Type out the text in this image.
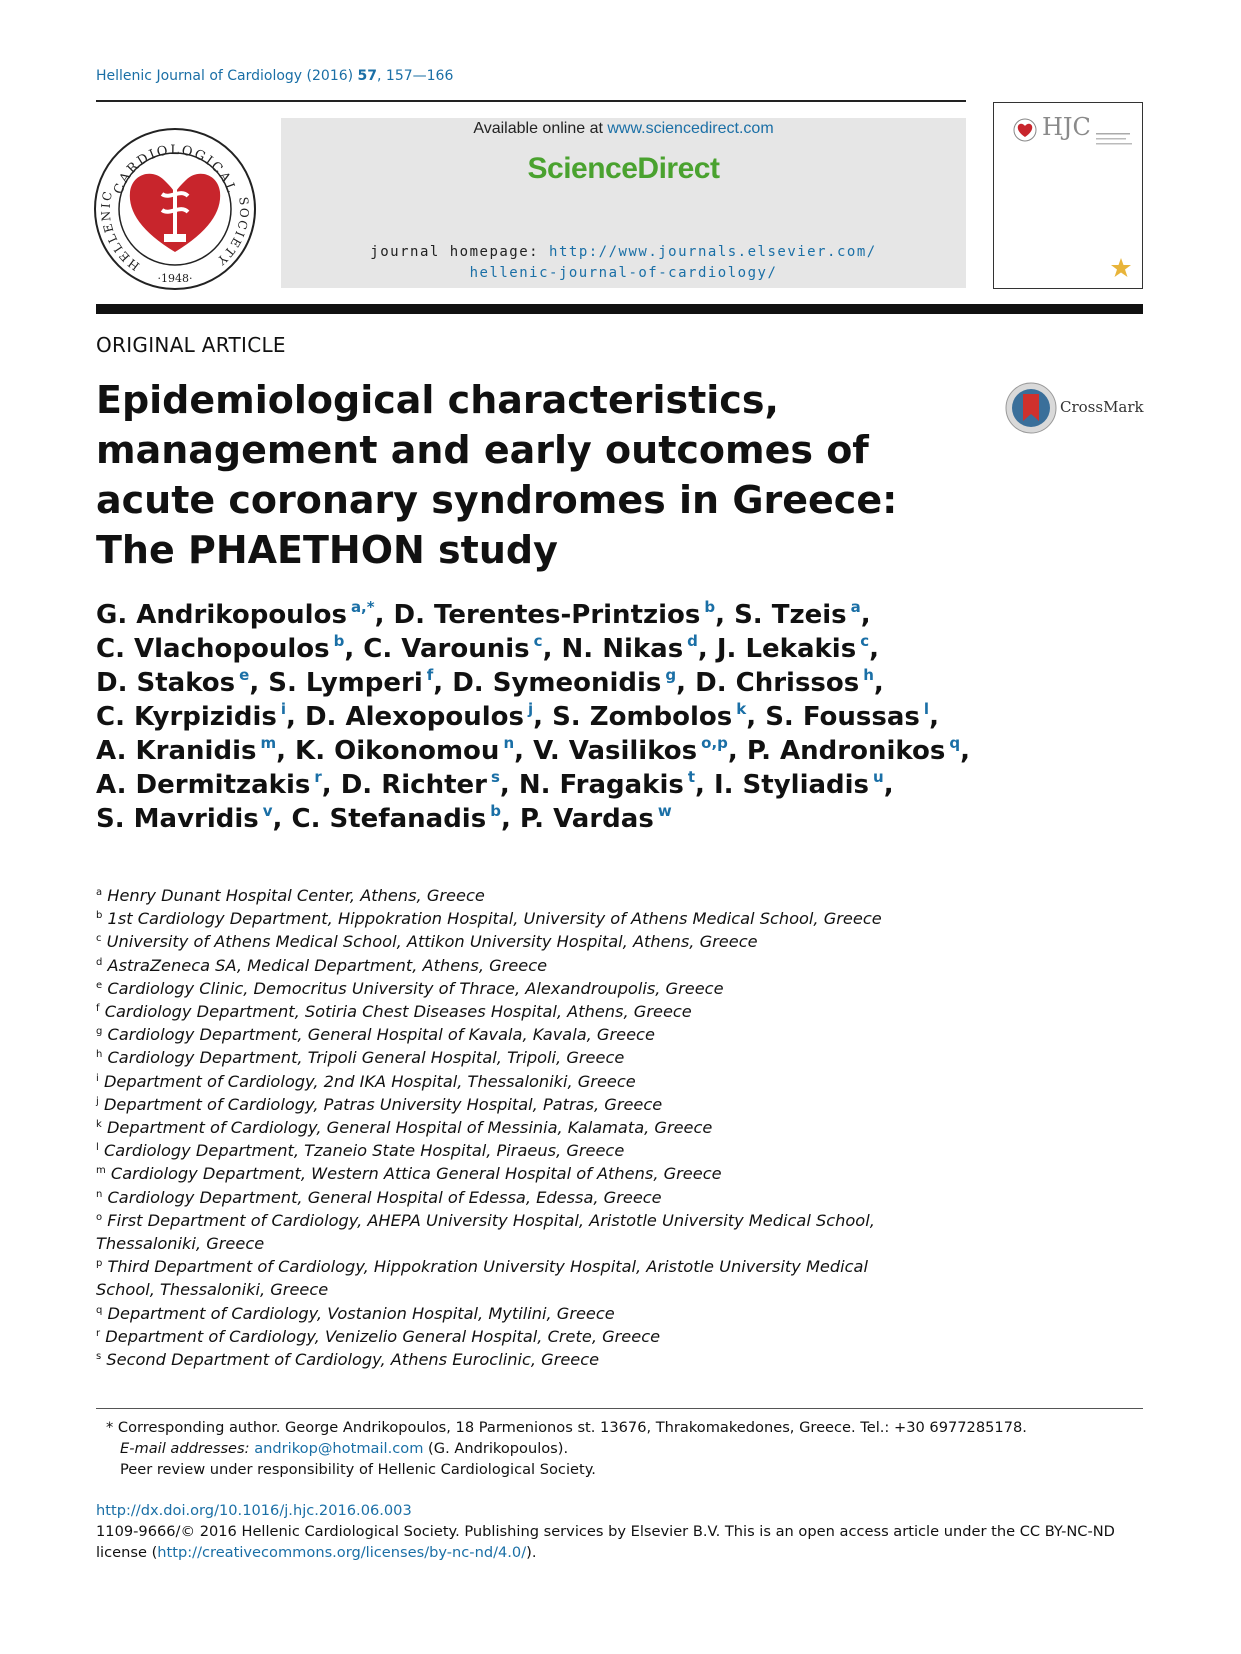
Hellenic Journal of Cardiology (2016) 57, 157—166
CARDIOLOGICAL
HELLENIC	SOCIETY
·1948·
Available online at www.sciencedirect.com
ScienceDirect
journal homepage: http://www.journals.elsevier.com/
hellenic-journal-of-cardiology/
HJC
ORIGINAL ARTICLE
Epidemiological characteristics, management and early outcomes of acute coronary syndromes in Greece: The PHAETHON study
CrossMark
G. Andrikopoulos $^{a,*}$, D. Terentes-Printzios $^b$, S. Tzeis $^a$,
C. Vlachopoulos $^b$, C. Varounis $^c$, N. Nikas $^d$, J. Lekakis $^c$,
D. Stakos $^e$, S. Lymperi $^f$, D. Symeonidis $^g$, D. Chrissos $^h$,
C. Kyrpizidis $^i$, D. Alexopoulos $^j$, S. Zombolos $^k$, S. Foussas $^l$,
A. Kranidis $^m$, K. Oikonomou $^n$, V. Vasilikos $^{o,p}$, P. Andronikos $^q$,
A. Dermitzakis $^r$, D. Richter $^s$, N. Fragakis $^t$, I. Styliadis $^u$,
S. Mavridis $^v$, C. Stefanadis $^b$, P. Vardas $^w$
$^a$ Henry Dunant Hospital Center, Athens, Greece
$^b$ 1st Cardiology Department, Hippokration Hospital, University of Athens Medical School, Greece
$^c$ University of Athens Medical School, Attikon University Hospital, Athens, Greece
$^d$ AstraZeneca SA, Medical Department, Athens, Greece
$^e$ Cardiology Clinic, Democritus University of Thrace, Alexandroupolis, Greece
$^f$ Cardiology Department, Sotiria Chest Diseases Hospital, Athens, Greece
$^g$ Cardiology Department, General Hospital of Kavala, Kavala, Greece
$^h$ Cardiology Department, Tripoli General Hospital, Tripoli, Greece
$^i$ Department of Cardiology, 2nd IKA Hospital, Thessaloniki, Greece
$^j$ Department of Cardiology, Patras University Hospital, Patras, Greece
$^k$ Department of Cardiology, General Hospital of Messinia, Kalamata, Greece
$^l$ Cardiology Department, Tzaneio State Hospital, Piraeus, Greece
$^m$ Cardiology Department, Western Attica General Hospital of Athens, Greece
$^n$ Cardiology Department, General Hospital of Edessa, Edessa, Greece
$^o$ First Department of Cardiology, AHEPA University Hospital, Aristotle University Medical School,
Thessaloniki, Greece
$^p$ Third Department of Cardiology, Hippokration University Hospital, Aristotle University Medical
School, Thessaloniki, Greece
$^q$ Department of Cardiology, Vostanion Hospital, Mytilini, Greece
$^r$ Department of Cardiology, Venizelio General Hospital, Crete, Greece
$^s$ Second Department of Cardiology, Athens Euroclinic, Greece
* Corresponding author. George Andrikopoulos, 18 Parmenionos st. 13676, Thrakomakedones, Greece. Tel.: +30 6977285178.
E-mail addresses: andrikop@hotmail.com (G. Andrikopoulos).
Peer review under responsibility of Hellenic Cardiological Society.
http://dx.doi.org/10.1016/j.hjc.2016.06.003
1109-9666/© 2016 Hellenic Cardiological Society. Publishing services by Elsevier B.V. This is an open access article under the CC BY-NC-ND
license (http://creativecommons.org/licenses/by-nc-nd/4.0/).
